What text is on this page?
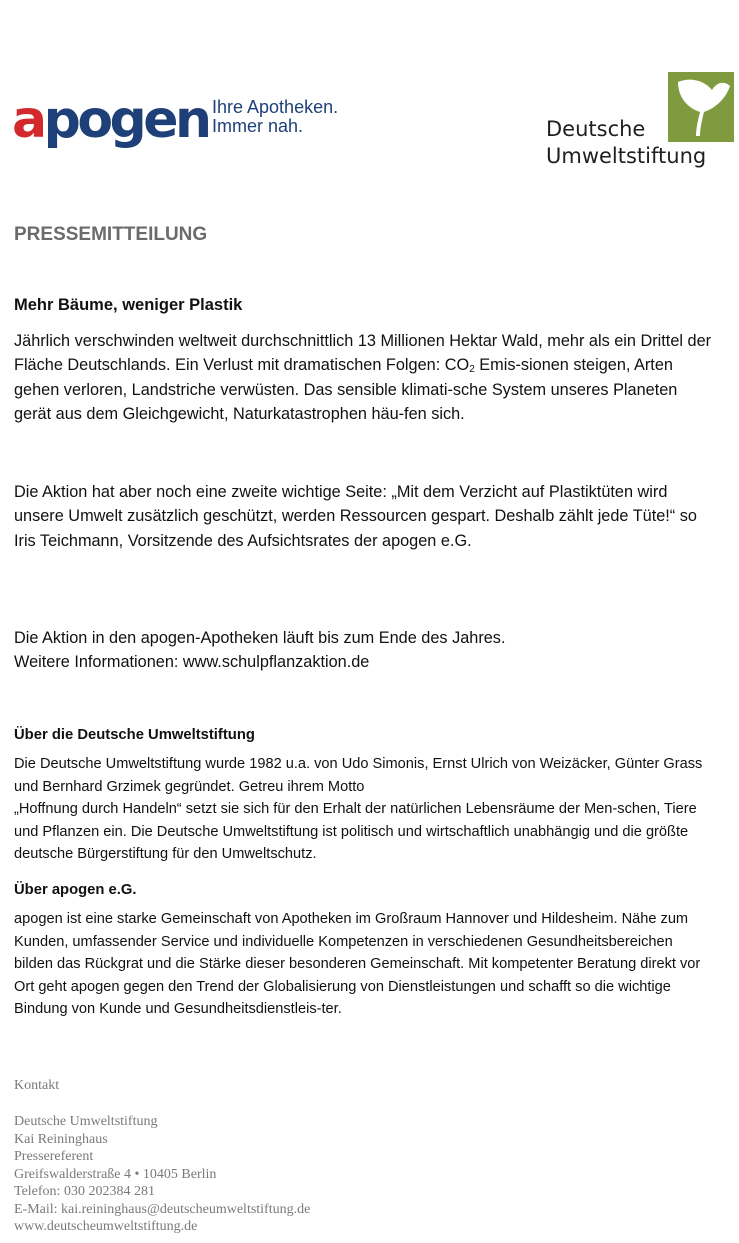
apogen Ihre Apotheken.
Immer nah.	Deutsche
Umweltstiftung
PRESSEMITTEILUNG
Mehr Bäume, weniger Plastik

Jährlich verschwinden weltweit durchschnittlich 13 Millionen Hektar Wald, mehr als ein Drittel der Fläche Deutschlands. Ein Verlust mit dramatischen Folgen: $CO_2$ Emis-sionen steigen, Arten gehen verloren, Landstriche verwüsten. Das sensible klimati-sche System unseres Planeten gerät aus dem Gleichgewicht, Naturkatastrophen häu-fen sich.

Die Aktion hat aber noch eine zweite wichtige Seite: „Mit dem Verzicht auf Plastiktüten wird unsere Umwelt zusätzlich geschützt, werden Ressourcen gespart. Deshalb zählt jede Tüte!“ so Iris Teichmann, Vorsitzende des Aufsichtsrates der apogen e.G.

Die Aktion in den apogen-Apotheken läuft bis zum Ende des Jahres.
Weitere Informationen: www.schulpflanzaktion.de
Über die Deutsche Umweltstiftung
Die Deutsche Umweltstiftung wurde 1982 u.a. von Udo Simonis, Ernst Ulrich von Weizäcker, Günter Grass und Bernhard Grzimek gegründet. Getreu ihrem Motto
„Hoffnung durch Handeln“ setzt sie sich für den Erhalt der natürlichen Lebensräume der Men-schen, Tiere und Pflanzen ein. Die Deutsche Umweltstiftung ist politisch und wirtschaftlich unabhängig und die größte deutsche Bürgerstiftung für den Umweltschutz.
Über apogen e.G.

apogen ist eine starke Gemeinschaft von Apotheken im Großraum Hannover und Hildesheim. Nähe zum Kunden, umfassender Service und individuelle Kompetenzen in verschiedenen Gesundheitsbereichen bilden das Rückgrat und die Stärke dieser besonderen Gemeinschaft. Mit kompetenter Beratung direkt vor Ort geht apogen gegen den Trend der Globalisierung von Dienstleistungen und schafft so die wichtige Bindung von Kunde und Gesundheitsdienstleis-ter.

Kontakt
Deutsche Umweltstiftung
Kai Reininghaus
Pressereferent
Greifswalderstraße 4 • 10405 Berlin
Telefon: 030 202384 281
E-Mail: kai.reininghaus@deutscheumweltstiftung.de
www.deutscheumweltstiftung.de
